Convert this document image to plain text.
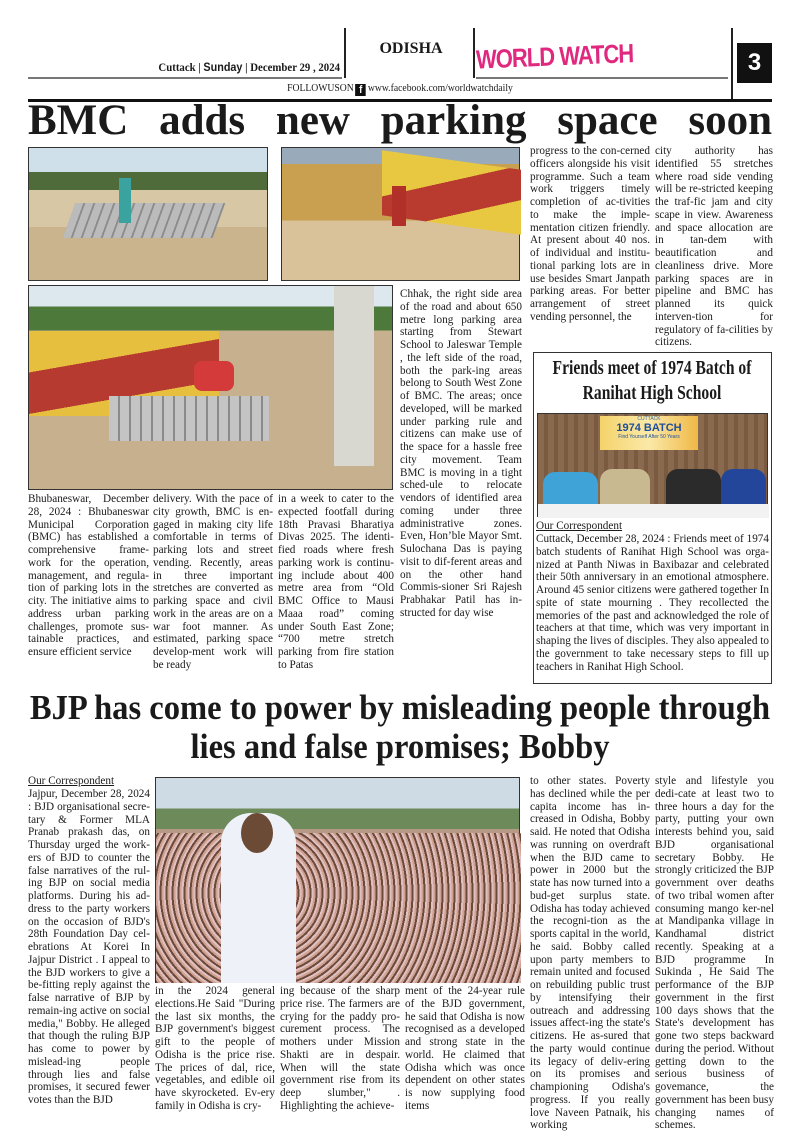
Cuttack | Sunday | December 29 , 2024
ODISHA	WORLD WATCH	3
FOLLOWUSON f www.facebook.com/worldwatchdaily
BMC adds new parking space soon
Bhubaneswar, December 28, 2024 : Bhubaneswar Municipal Corporation (BMC) has established a comprehensive frame-work for the operation, management, and regula-tion of parking lots in the city. The initiative aims to address urban parking challenges, promote sus-tainable practices, and ensure efficient service
delivery. With the pace of city growth, BMC is en-gaged in making city life comfortable in terms of parking lots and street vending. Recently, areas in three important stretches are converted as parking space and civil work in the areas are on a war foot manner. As estimated, parking space develop-ment work will be ready
in a week to cater to the expected footfall during 18th Pravasi Bharatiya Divas 2025. The identi-fied roads where fresh parking work is continu-ing include about 400 metre area from “Old BMC Office to Mausi Maaa road” coming under South East Zone; “700 metre stretch parking from fire station to Patas
Chhak, the right side area of the road and about 650 metre long parking area starting from Stewart School to Jaleswar Temple , the left side of the road, both the park-ing areas belong to South West Zone of BMC. The areas; once developed, will be marked under parking rule and citizens can make use of the space for a hassle free city movement. Team BMC is moving in a tight sched-ule to relocate vendors of identified area coming under three administrative zones. Even, Hon’ble Mayor Smt. Sulochana Das is paying visit to dif-ferent areas and on the other hand Commis-sioner Sri Rajesh Prabhakar Patil has in-structed for day wise
progress to the con-cerned officers alongside his visit programme. Such a team work triggers timely completion of ac-tivities to make the imple-mentation citizen friendly. At present about 40 nos. of individual and institu-tional parking lots are in use besides Smart Janpath parking areas. For better arrangement of street vending personnel, the
city authority has identified 55 stretches where road side vending will be re-stricted keeping the traf-fic jam and city scape in view. Awareness and space allocation are in tan-dem with beautification and cleanliness drive. More parking spaces are in pipeline and BMC has planned its quick interven-tion for regulatory of fa-cilities by citizens.
Friends meet of 1974 Batch of Ranihat High School
CUTTACK
1974 BATCH
Find Yourself After 50 Years
Our Correspondent
Cuttack, December 28, 2024 : Friends meet of 1974 batch students of Ranihat High School was orga-nized at Panth Niwas in Baxibazar and celebrated their 50th anniversary in an emotional atmosphere. Around 45 senior citizens were gathered together In spite of state mourning . They recollected the memories of the past and acknowledged the role of teachers at that time, which was very important in shaping the lives of disciples. They also appealed to the government to take necessary steps to fill up teachers in Ranihat High School.
BJP has come to power by misleading people through lies and false promises; Bobby
Our Correspondent
Jajpur, December 28, 2024 : BJD organisational secre-tary & Former MLA Pranab prakash das, on Thursday urged the work-ers of BJD to counter the false narratives of the rul-ing BJP on social media platforms. During his ad-dress to the party workers on the occasion of BJD's 28th Foundation Day cel-ebrations At Korei In Jajpur District . I appeal to the BJD workers to give a be-fitting reply against the false narrative of BJP by remain-ing active on social media," Bobby. He alleged that though the ruling BJP has come to power by mislead-ing people through lies and false promises, it secured fewer votes than the BJD
in the 2024 general elections.He Said "During the last six months, the BJP government's biggest gift to the people of Odisha is the price rise. The prices of dal, rice, vegetables, and edible oil have skyrocketed. Ev-ery family in Odisha is cry-
ing because of the sharp price rise. The farmers are crying for the paddy pro-curement process. The mothers under Mission Shakti are in despair. When will the state government rise from its deep slumber," . Highlighting the achieve-
ment of the 24-year rule of the BJD government, he said that Odisha is now recognised as a developed and strong state in the world. He claimed that Odisha which was once dependent on other states is now supplying food items
to other states. Poverty has declined while the per capita income has in-creased in Odisha, Bobby said. He noted that Odisha was running on overdraft when the BJD came to power in 2000 but the state has now turned into a bud-get surplus state. Odisha has today achieved the recogni-tion as the sports capital in the world, he said. Bobby called upon party members to remain united and focused on rebuilding public trust by intensifying their outreach and addressing issues affect-ing the state's citizens. He as-sured that the party would continue its legacy of deliv-ering on its promises and championing Odisha's progress. If you really love Naveen Patnaik, his working
style and lifestyle you dedi-cate at least two to three hours a day for the party, putting your own interests behind you, said BJD organisational secretary Bobby. He strongly criticized the BJP government over deaths of two tribal women after consuming mango ker-nel at Mandipanka village in Kandhamal district recently. Speaking at a BJD programme In Sukinda , He Said The performance of the BJP government in the first 100 days shows that the State's development has gone two steps backward during the period. Without getting down to the serious business of govemance, the government has been busy changing names of schemes.
